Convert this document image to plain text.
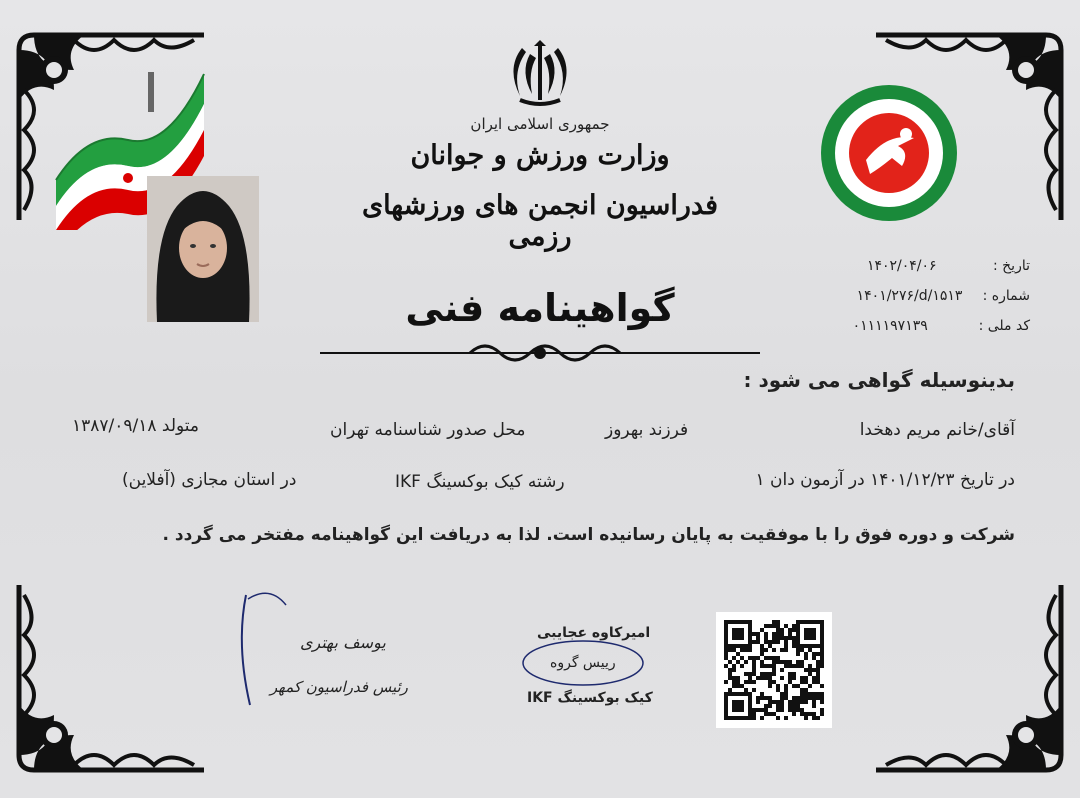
جمهوری اسلامی ایران
وزارت ورزش و جوانان
فدراسیون انجمن های ورزشهای رزمی
تاریخ :۱۴۰۲/۰۴/۰۶
شماره :۱۴۰۱/۲۷۶/d/۱۵۱۳
کد ملی :۰۱۱۱۱۹۷۱۳۹
گواهینامه فنی
بدینوسیله گواهی می شود :
آقای/خانم مریم دهخدا
فرزند بهروز
محل صدور شناسنامه تهران
متولد ۱۳۸۷/۰۹/۱۸
در تاریخ ۱۴۰۱/۱۲/۲۳ در آزمون دان ۱
رشته کیک بوکسینگ IKF
در استان مجازی (آفلاین)
شرکت و دوره فوق را با موفقیت به پایان رسانیده است. لذا به دریافت این گواهینامه مفتخر می گردد .
یوسف بهتری
رئیس فدراسیون کمهر
امیرکاوه عجایبی
رییس گروه
کیک بوکسینگ IKF
